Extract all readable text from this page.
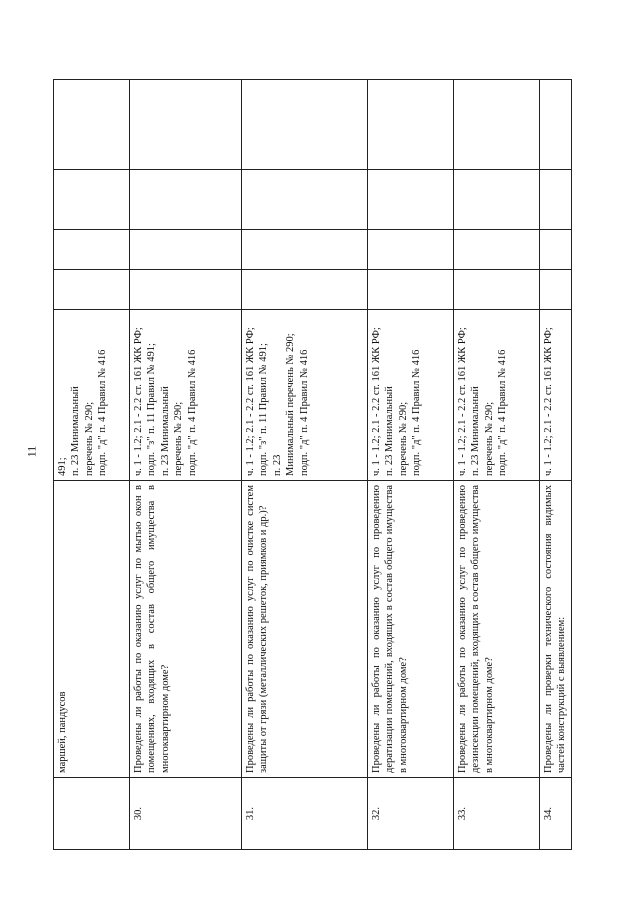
11
	маршей, пандусов	491; п. 23 Минимальный перечень № 290; подп. "д" п. 4 Правил № 416				

30.	Проведены ли работы по оказанию услуг по мытью окон в помещениях, входящих в состав общего имущества в многоквартирном доме?	ч. 1 - 1.2; 2.1 - 2.2 ст. 161 ЖК РФ; подп. "з" п. 11 Правил № 491; п. 23 Минимальный перечень № 290; подп. "д" п. 4 Правил № 416				

31.	Проведены ли работы по оказанию услуг по очистке систем защиты от грязи (металлических решеток, приямков и др.)?	ч. 1 - 1.2; 2.1 - 2.2 ст. 161 ЖК РФ; подп. "з" п. 11 Правил № 491; п. 23 Минимальный перечень № 290; подп. "д" п. 4 Правил № 416				

32.	Проведены ли работы по оказанию услуг по проведению дератизации помещений, входящих в состав общего имущества в многоквартирном доме?	ч. 1 - 1.2; 2.1 - 2.2 ст. 161 ЖК РФ; п. 23 Минимальный перечень № 290; подп. "д" п. 4 Правил № 416				

33.	Проведены ли работы по оказанию услуг по проведению дезинсекции помещений, входящих в состав общего имущества в многоквартирном доме?	ч. 1 - 1.2; 2.1 - 2.2 ст. 161 ЖК РФ; п. 23 Минимальный перечень № 290; подп. "д" п. 4 Правил № 416				

34.	Проведены ли проверки технического состояния видимых частей конструкций с выявлением:	ч. 1 - 1.2; 2.1 - 2.2 ст. 161 ЖК РФ;				
